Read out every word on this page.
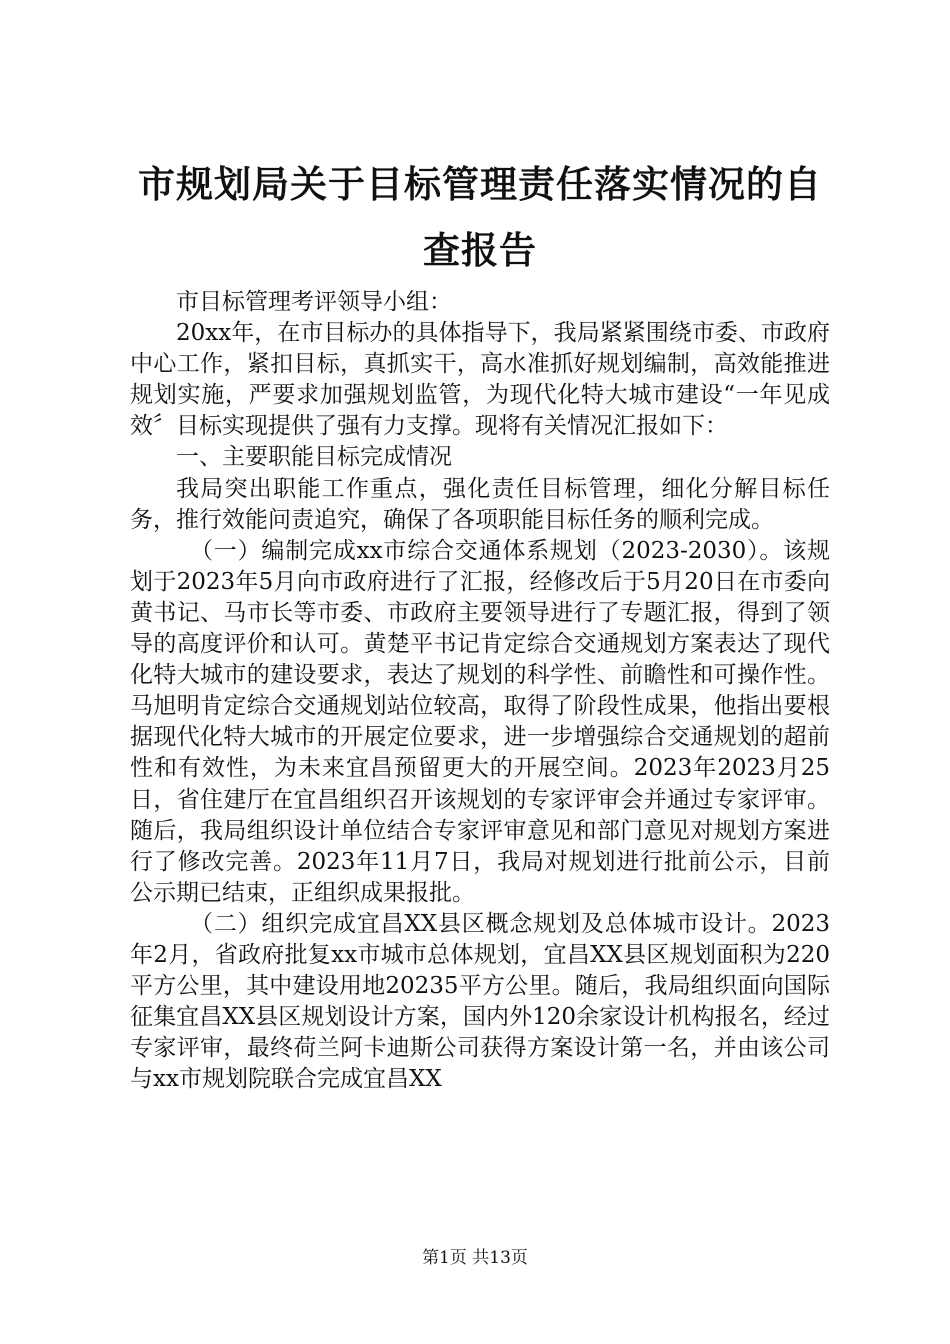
市规划局关于目标管理责任落实情况的自查报告

市目标管理考评领导小组：

20xx年，在市目标办的具体指导下，我局紧紧围绕市委、市政府中心工作，紧扣目标，真抓实干，高水准抓好规划编制，高效能推进规划实施，严要求加强规划监管，为现代化特大城市建设“一年见成效〞目标实现提供了强有力支撑。现将有关情况汇报如下：

一、主要职能目标完成情况

我局突出职能工作重点，强化责任目标管理，细化分解目标任务，推行效能问责追究，确保了各项职能目标任务的顺利完成。

（一）编制完成xx市综合交通体系规划（2023-2030）。该规划于2023年5月向市政府进行了汇报，经修改后于5月20日在市委向黄书记、马市长等市委、市政府主要领导进行了专题汇报，得到了领导的高度评价和认可。黄楚平书记肯定综合交通规划方案表达了现代化特大城市的建设要求，表达了规划的科学性、前瞻性和可操作性。马旭明肯定综合交通规划站位较高，取得了阶段性成果，他指出要根据现代化特大城市的开展定位要求，进一步增强综合交通规划的超前性和有效性，为未来宜昌预留更大的开展空间。2023年2023月25日，省住建厅在宜昌组织召开该规划的专家评审会并通过专家评审。随后，我局组织设计单位结合专家评审意见和部门意见对规划方案进行了修改完善。2023年11月7日，我局对规划进行批前公示，目前公示期已结束，正组织成果报批。

（二）组织完成宜昌XX县区概念规划及总体城市设计。2023年2月，省政府批复xx市城市总体规划，宜昌XX县区规划面积为220平方公里，其中建设用地20235平方公里。随后，我局组织面向国际征集宜昌XX县区规划设计方案，国内外120余家设计机构报名，经过专家评审，最终荷兰阿卡迪斯公司获得方案设计第一名，并由该公司与xx市规划院联合完成宜昌XX

第1页 共13页
